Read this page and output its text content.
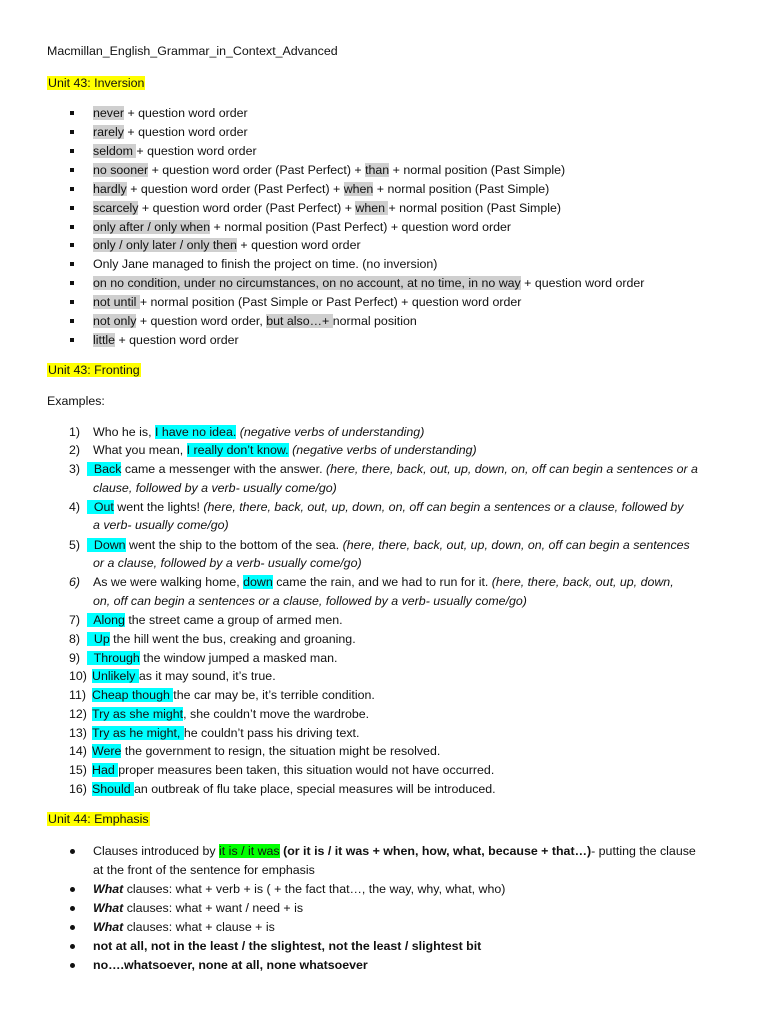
Macmillan_English_Grammar_in_Context_Advanced
Unit 43: Inversion
never + question word order
rarely + question word order
seldom + question word order
no sooner + question word order (Past Perfect) + than + normal position (Past Simple)
hardly + question word order (Past Perfect) + when + normal position (Past Simple)
scarcely + question word order (Past Perfect) + when + normal position (Past Simple)
only after / only when + normal position (Past Perfect) + question word order
only / only later / only then + question word order
Only Jane managed to finish the project on time. (no inversion)
on no condition, under no circumstances, on no account, at no time, in no way + question word order
not until + normal position (Past Simple or Past Perfect) + question word order
not only + question word order, but also…+ normal position
little + question word order
Unit 43: Fronting
Examples:
1) Who he is, I have no idea. (negative verbs of understanding)
2) What you mean, I really don’t know. (negative verbs of understanding)
3) Back came a messenger with the answer. (here, there, back, out, up, down, on, off can begin a sentences or a
clause, followed by a verb- usually come/go)
4) Out went the lights! (here, there, back, out, up, down, on, off can begin a sentences or a clause, followed by
a verb- usually come/go)
5) Down went the ship to the bottom of the sea. (here, there, back, out, up, down, on, off can begin a sentences
or a clause, followed by a verb- usually come/go)
6) As we were walking home, down came the rain, and we had to run for it. (here, there, back, out, up, down,
on, off can begin a sentences or a clause, followed by a verb- usually come/go)
7) Along the street came a group of armed men.
8) Up the hill went the bus, creaking and groaning.
9) Through the window jumped a masked man.
10) Unlikely as it may sound, it’s true.
11) Cheap though the car may be, it’s terrible condition.
12) Try as she might, she couldn’t move the wardrobe.
13) Try as he might, he couldn’t pass his driving text.
14) Were the government to resign, the situation might be resolved.
15) Had proper measures been taken, this situation would not have occurred.
16) Should an outbreak of flu take place, special measures will be introduced.
Unit 44: Emphasis
Clauses introduced by it is / it was (or it is / it was + when, how, what, because + that…)- putting the clause
at the front of the sentence for emphasis
What clauses: what + verb + is ( + the fact that…, the way, why, what, who)
What clauses: what + want / need + is
What clauses: what + clause + is
not at all, not in the least / the slightest, not the least / slightest bit
no….whatsoever, none at all, none whatsoever
